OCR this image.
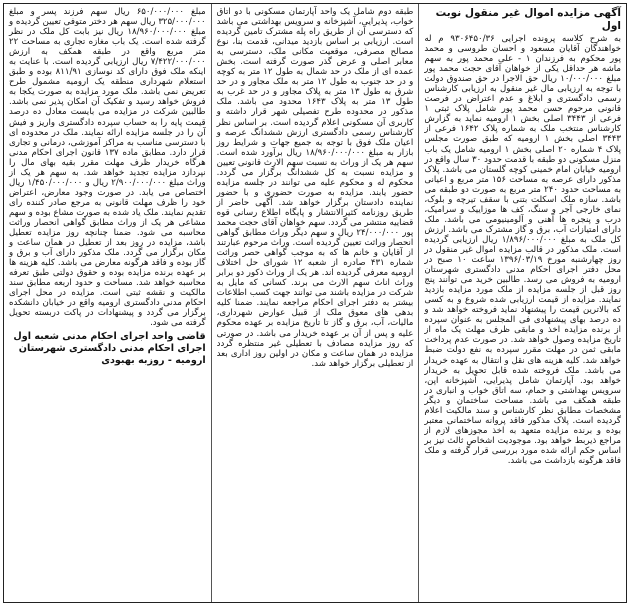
آگهی مزایده اموال غیر منقول نوبت اول
به شرح کلاسه پرونده اجرایی ۹۳۰۶۴۵۰/۳۶ م له خواهندگان آقایان مسعود و احسان طروسی و محمد پور محکوم به فرزندان ۱ - علی محمد پور به سهم ماشه هر حداقل یکی از خواهان آقای حجت محمد پور مبلغ ۱۰/۰۰۰/۰۰۰ ریال حق الاجرا در حق صندوق دولت با توجه به ارزیابی مال غیر منقول به ارزیابی کارشناس رسمی دادگستری و ابلاغ و عدم اعتراض در فرصت قانونی مرحوم حسن محمد پور شامل پلاک ثبتی ۱ فرعی از ۳۴۴۳ اصلی بخش ۱ ارومیه نماید به گزارش کارشناس منتخب ملک به شماره پلاک ۱۶۴۲ فرعی از ۳۴۴۳ اصلی بخش ۱ ارومیه که طبق صورت مجلس پلاک ۴ شماره ۲۰ اصلی بخش ۱ ارومیه شامل یک باب منزل مسکونی دو طبقه با قدمت حدود ۳۰ سال واقع در ارومیه خیابان امام خمینی کوچه گلستان می باشد. پلاک مذکور دارای عرصه به مساحت ۱۵۶ متر مربع و اعیانی به مساحت حدود ۲۴۰ متر مربع به صورت دو طبقه می باشد. سازه ملک اسکلت بتنی با سقف تیرچه و بلوک، نمای خارجی آجر و سنگ، کف ها موزاییک و سرامیک، درب و پنجره ها آهنی و آلومینیومی می باشد. ملک دارای امتیازات آب، برق و گاز مشترک می باشد. ارزش کل ملک به مبلغ ۱/۸۹۶/۰۰۰/۰۰۰ ریال ارزیابی گردیده است. ملک مذکور در قالب مزایده اموال غیر منقول در روز چهارشنبه مورخ ۱۳۹۶/۰۳/۱۹ ساعت ۱۰ صبح در محل دفتر اجرای احکام مدنی دادگستری شهرستان ارومیه به فروش می رسد. طالبین خرید می توانند پنج روز قبل از جلسه مزایده از ملک مورد مزایده بازدید نمایند. مزایده از قیمت ارزیابی شده شروع و به کسی که بالاترین قیمت را پیشنهاد نماید فروخته خواهد شد و ده درصد بهای پیشنهادی فی المجلس به عنوان سپرده از برنده مزایده اخذ و مابقی ظرف مهلت یک ماه از تاریخ مزایده وصول خواهد شد. در صورت عدم پرداخت مابقی ثمن در مهلت مقرر سپرده به نفع دولت ضبط خواهد شد. کلیه هزینه های نقل و انتقال به عهده خریدار می باشد. ملک فروخته شده قابل تحویل به خریدار خواهد بود. آپارتمان شامل پذیرایی، آشپزخانه اپن، سرویس بهداشتی و حمام، سه اتاق خواب و انباری در طبقه همکف می باشد. مساحت ساختمان و دیگر مشخصات مطابق نظر کارشناس و سند مالکیت اعلام گردیده است. پلاک مذکور فاقد پروانه ساختمانی معتبر بوده و برنده مزایده متعهد به اخذ مجوزهای لازم از مراجع ذیربط خواهد بود. موجودیت اشخاص ثالث نیز بر اساس حکم ارائه شده مورد بررسی قرار گرفته و ملک فاقد هرگونه بازداشت می باشد.
طبقه دوم شامل یک واحد آپارتمان مسکونی با دو اتاق خواب، پذیرایی، آشپزخانه و سرویس بهداشتی می باشد که دسترسی آن از طریق راه پله مشترک تامین گردیده است. ارزیابی بر اساس بازدید میدانی، قدمت بنا، نوع مصالح مصرفی، موقعیت مکانی ملک، دسترسی به معابر اصلی و عرض گذر صورت گرفته است. بخش عمده ای از ملک در حد شمال به طول ۱۲ متر به کوچه و در حد جنوب به طول ۱۲ متر به ملک مجاور و در حد شرق به طول ۱۳ متر به پلاک مجاور و در حد غرب به طول ۱۳ متر به پلاک ۱۶۴۳ محدود می باشد. ملک مذکور در محدوده طرح تفصیلی شهر قرار داشته و کاربری آن مسکونی اعلام گردیده است. بر اساس نظر کارشناس رسمی دادگستری ارزش ششدانگ عرصه و اعیان ملک فوق با توجه به جمیع جهات و شرایط روز بازار به مبلغ ۱۸/۹۶۰/۰۰۰/۰۰۰ ریال برآورد شده است. سهم هر یک از وراث به نسبت سهم الارث قانونی تعیین و مزایده نسبت به کل ششدانگ برگزار می گردد. محکوم له و محکوم علیه می توانند در جلسه مزایده حضور یابند. مزایده به صورت حضوری و با حضور نماینده دادستان برگزار خواهد شد. آگهی حاضر از طریق روزنامه کثیرالانتشار و پایگاه اطلاع رسانی قوه قضاییه منتشر می گردد. سهم خواهان آقای حجت محمد پور ۲۴/۰۰۰/۰۰۰ ریال و سهم دیگر وراث مطابق گواهی انحصار وراثت تعیین گردیده است. وراث مرحوم عبارتند از آقایان و خانم ها که به موجب گواهی حصر وراثت شماره ۴۳۱ صادره از شعبه ۱۲ شورای حل اختلاف ارومیه معرفی گردیده اند. هر یک از وراث ذکور دو برابر وراث اناث سهم الارث می برند. کسانی که مایل به شرکت در مزایده باشند می توانند جهت کسب اطلاعات بیشتر به دفتر اجرای احکام مراجعه نمایند. ضمنا کلیه بدهی های معوق ملک از قبیل عوارض شهرداری، مالیات، آب، برق و گاز تا تاریخ مزایده بر عهده محکوم علیه و پس از آن بر عهده خریدار می باشد. در صورتی که روز مزایده مصادف با تعطیلی غیر منتظره گردد مزایده در همان ساعت و مکان در اولین روز اداری بعد از تعطیلی برگزار خواهد شد.
مبلغ ۶۵۰/۰۰۰/۰۰۰ ریال سهم فرزند پسر و مبلغ ۳۲۵/۰۰۰/۰۰۰ ریال سهم هر دختر متوفی تعیین گردیده و مبلغ ۱۸/۹۶۰/۰۰۰/۰۰۰ ریال نیز بابت کل ملک در نظر گرفته شده است. یک باب مغازه تجاری به مساحت ۲۲ متر مربع واقع در طبقه همکف به ارزش ۷/۴۲۲/۰۰۰/۰۰۰ ریال ارزیابی گردیده است. با عنایت به اینکه ملک فوق دارای کد نوسازی ۸۱۱/۹۱ بوده و طبق استعلام شهرداری منطقه یک ارومیه مشمول طرح تعریض نمی باشد. ملک مورد مزایده به صورت یکجا به فروش خواهد رسید و تفکیک آن امکان پذیر نمی باشد. طالبین شرکت در مزایده می بایست معادل ده درصد قیمت پایه را به حساب سپرده دادگستری واریز و فیش آن را در جلسه مزایده ارائه نمایند. ملک در محدوده ای با دسترسی مناسب به مراکز آموزشی، درمانی و تجاری قرار دارد. مطابق ماده ۱۳۷ قانون اجرای احکام مدنی هرگاه خریدار ظرف مهلت مقرر بقیه بهای مال را نپردازد مزایده تجدید خواهد شد. به سهم هر یک از وراث مبلغ ۲/۹۰۰/۰۰۰/۰۰۰ ریال و ۱/۴۵۰/۰۰۰/۰۰۰ ریال اختصاص می یابد. در صورت وجود معارض، اعتراض خود را ظرف مهلت قانونی به مرجع صادر کننده رای تقدیم نمایند. ملک یاد شده به صورت مشاع بوده و سهم مشاعی هر یک از وراث مطابق گواهی انحصار وراثت محاسبه می شود. ضمنا چنانچه روز مزایده تعطیل باشد، مزایده در روز بعد از تعطیل در همان ساعت و مکان برگزار می گردد. ملک مذکور دارای آب و برق و گاز بوده و فاقد هرگونه معارض می باشد. کلیه هزینه ها بر عهده برنده مزایده بوده و حقوق دولتی طبق تعرفه محاسبه خواهد شد. مساحت و حدود اربعه مطابق سند مالکیت و نقشه ثبتی است. مزایده در محل اجرای احکام مدنی دادگستری ارومیه واقع در خیابان دانشکده برگزار می گردد و پیشنهادات در پاکت دربسته تحویل گرفته می شود.
قاضی واحد اجرای احکام مدنی شعبه اول اجرای احکام مدنی دادگستری شهرستان ارومیه - روزبه بهبودی
